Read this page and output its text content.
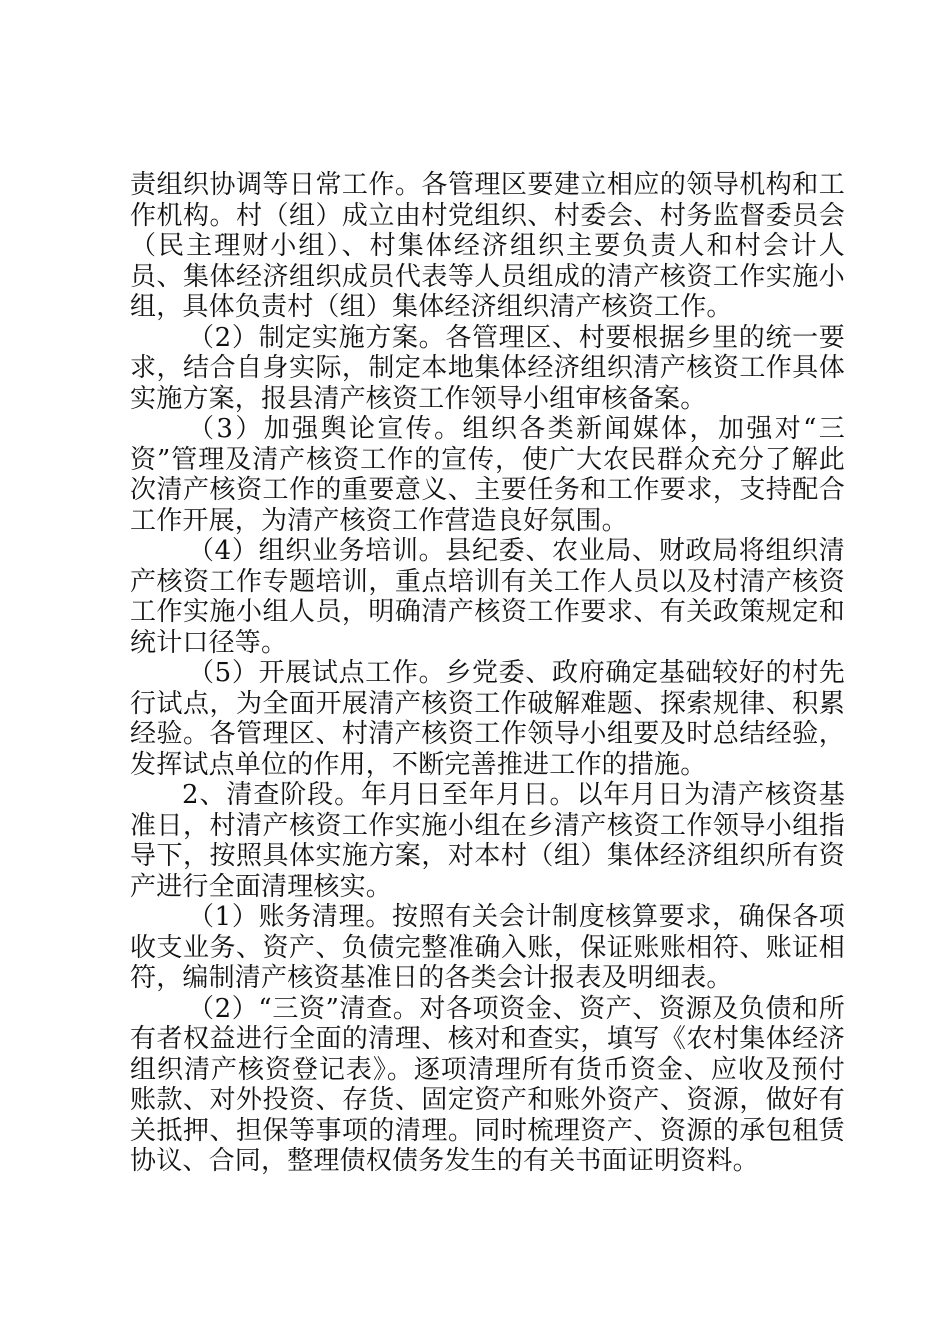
责组织协调等日常工作。各管理区要建立相应的领导机构和工作机构。村（组）成立由村党组织、村委会、村务监督委员会（民主理财小组）、村集体经济组织主要负责人和村会计人员、集体经济组织成员代表等人员组成的清产核资工作实施小组，具体负责村（组）集体经济组织清产核资工作。

（2）制定实施方案。各管理区、村要根据乡里的统一要求，结合自身实际，制定本地集体经济组织清产核资工作具体实施方案，报县清产核资工作领导小组审核备案。

（3）加强舆论宣传。组织各类新闻媒体，加强对“三资”管理及清产核资工作的宣传，使广大农民群众充分了解此次清产核资工作的重要意义、主要任务和工作要求，支持配合工作开展，为清产核资工作营造良好氛围。

（4）组织业务培训。县纪委、农业局、财政局将组织清产核资工作专题培训，重点培训有关工作人员以及村清产核资工作实施小组人员，明确清产核资工作要求、有关政策规定和统计口径等。

（5）开展试点工作。乡党委、政府确定基础较好的村先行试点，为全面开展清产核资工作破解难题、探索规律、积累经验。各管理区、村清产核资工作领导小组要及时总结经验，发挥试点单位的作用，不断完善推进工作的措施。

2、清查阶段。年月日至年月日。以年月日为清产核资基准日，村清产核资工作实施小组在乡清产核资工作领导小组指导下，按照具体实施方案，对本村（组）集体经济组织所有资产进行全面清理核实。

（1）账务清理。按照有关会计制度核算要求，确保各项收支业务、资产、负债完整准确入账，保证账账相符、账证相符，编制清产核资基准日的各类会计报表及明细表。

（2）“三资”清查。对各项资金、资产、资源及负债和所有者权益进行全面的清理、核对和查实，填写《农村集体经济组织清产核资登记表》。逐项清理所有货币资金、应收及预付账款、对外投资、存货、固定资产和账外资产、资源，做好有关抵押、担保等事项的清理。同时梳理资产、资源的承包租赁协议、合同，整理债权债务发生的有关书面证明资料。
